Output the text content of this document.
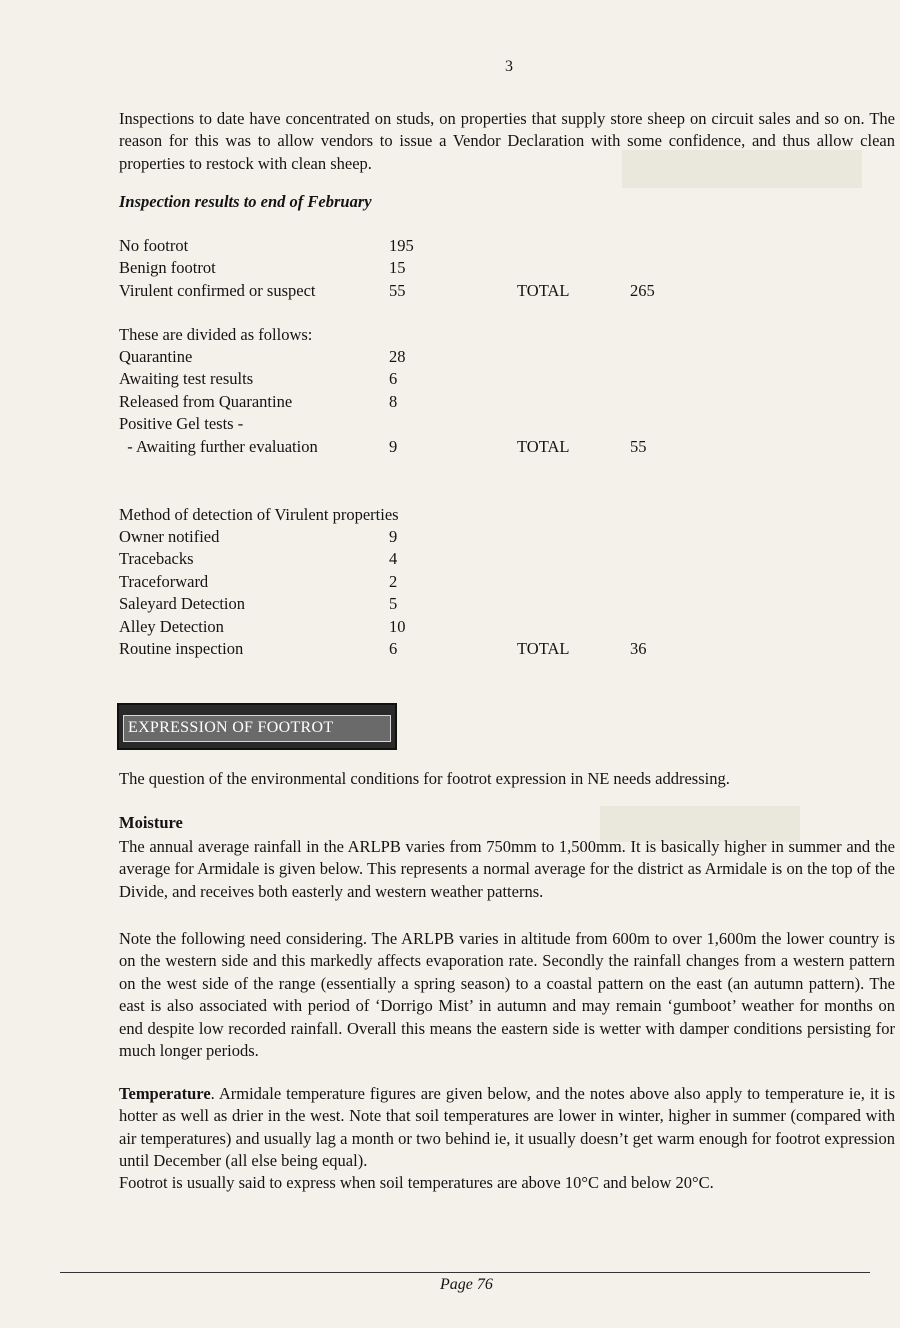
3
Inspections to date have concentrated on studs, on properties that supply store sheep on circuit sales and so on. The reason for this was to allow vendors to issue a Vendor Declaration with some confidence, and thus allow clean properties to restock with clean sheep.
Inspection results to end of February
No footrot	195		
Benign footrot	15		
Virulent confirmed or suspect	55	TOTAL	265
These are divided as follows:
Quarantine	28		
Awaiting test results	6		
Released from Quarantine	8		
Positive Gel tests -			
- Awaiting further evaluation	9	TOTAL	55
Method of detection of Virulent properties
Owner notified	9		
Tracebacks	4		
Traceforward	2		
Saleyard Detection	5		
Alley Detection	10		
Routine inspection	6	TOTAL	36
EXPRESSION OF FOOTROT
The question of the environmental conditions for footrot expression in NE needs addressing.
Moisture
The annual average rainfall in the ARLPB varies from 750mm to 1,500mm. It is basically higher in summer and the average for Armidale is given below. This represents a normal average for the district as Armidale is on the top of the Divide, and receives both easterly and western weather patterns.
Note the following need considering. The ARLPB varies in altitude from 600m to over 1,600m the lower country is on the western side and this markedly affects evaporation rate. Secondly the rainfall changes from a western pattern on the west side of the range (essentially a spring season) to a coastal pattern on the east (an autumn pattern). The east is also associated with period of ‘Dorrigo Mist’ in autumn and may remain ‘gumboot’ weather for months on end despite low recorded rainfall. Overall this means the eastern side is wetter with damper conditions persisting for much longer periods.
Temperature. Armidale temperature figures are given below, and the notes above also apply to temperature ie, it is hotter as well as drier in the west. Note that soil temperatures are lower in winter, higher in summer (compared with air temperatures) and usually lag a month or two behind ie, it usually doesn’t get warm enough for footrot expression until December (all else being equal).
Footrot is usually said to express when soil temperatures are above 10°C and below 20°C.
Page 76
